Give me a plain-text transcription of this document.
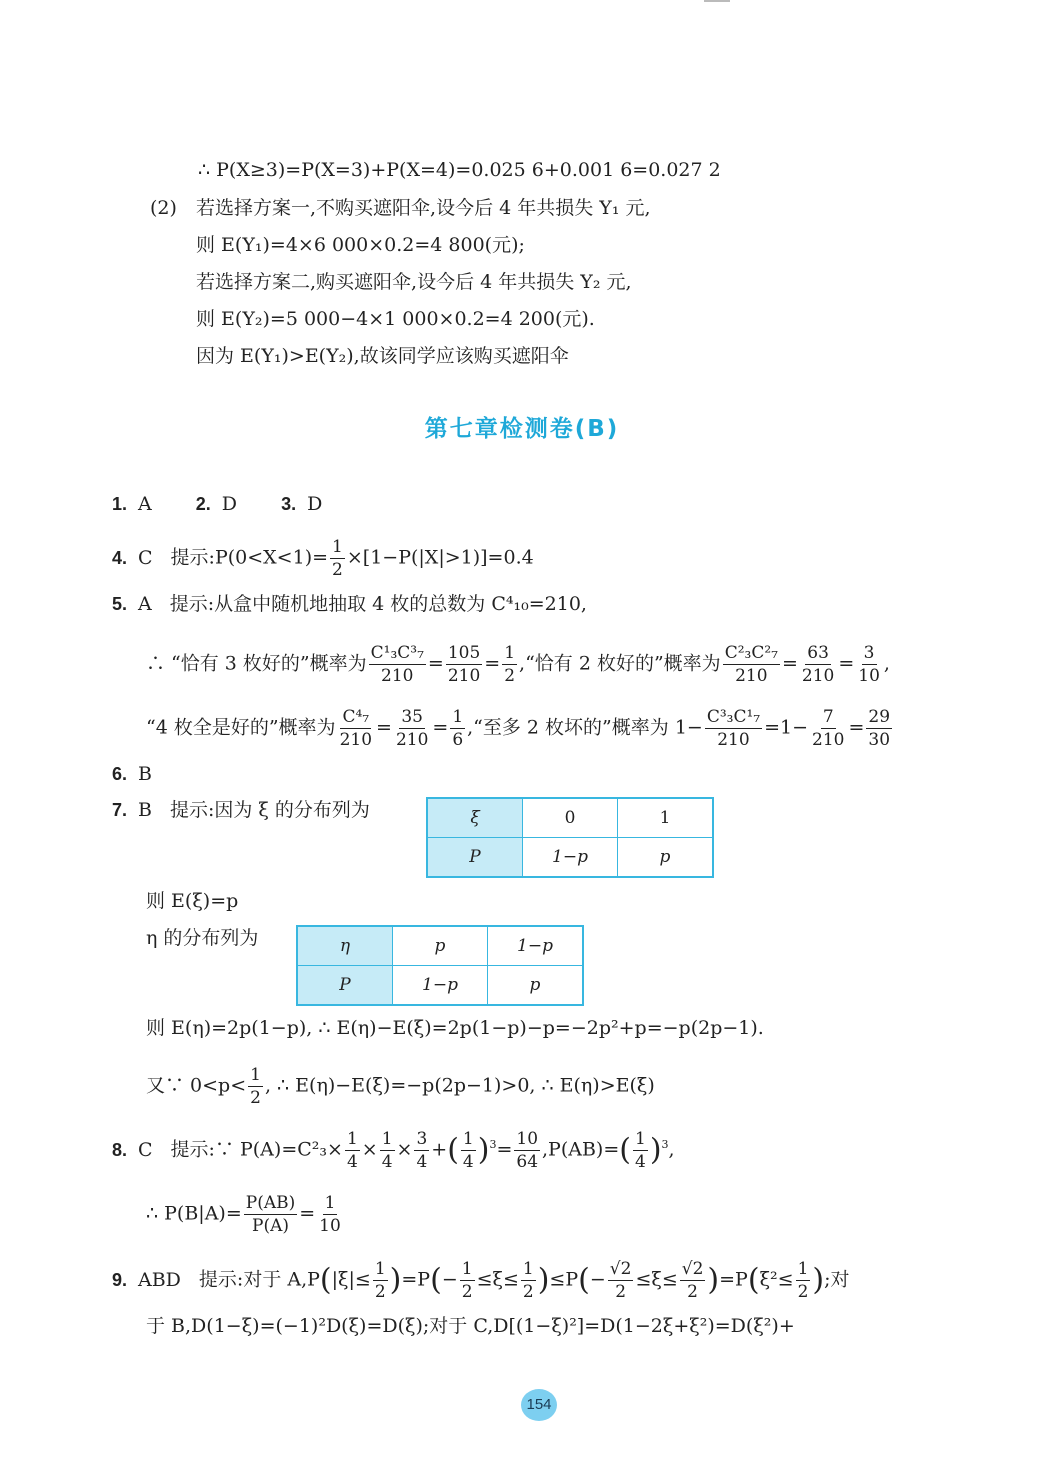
∴ P(X≥3)=P(X=3)+P(X=4)=0.025 6+0.001 6=0.027 2
(2) 若选择方案一,不购买遮阳伞,设今后 4 年共损失 Y₁ 元,
则 E(Y₁)=4×6 000×0.2=4 800(元);
若选择方案二,购买遮阳伞,设今后 4 年共损失 Y₂ 元,
则 E(Y₂)=5 000−4×1 000×0.2=4 200(元).
因为 E(Y₁)>E(Y₂),故该同学应该购买遮阳伞
第七章检测卷(B)
1. A 2. D 3. D
4. C 提示:P(0<X<1)= $\frac{1}{2} \times[1-P(|X|>1)]=0.4$
5. A 提示:从盒中随机地抽取 4 枚的总数为 C⁴₁₀=210,
∴ “恰有 3 枚好的”概率为 $\frac{\text{C¹₃C³₇}}{210} = \frac{105}{210} = \frac{1}{2}$ ,“恰有 2 枚好的”概率为 $\frac{\text{C²₃C²₇}}{210} = \frac{63}{210} = \frac{3}{10}$ ,
“4 枚全是好的”概率为 $\frac{\text{C⁴₇}}{210} = \frac{35}{210} = \frac{1}{6}$ ,“至多 2 枚坏的”概率为 $1- \frac{\text{C³₃C¹₇}}{210} =1- \frac{7}{210} = \frac{29}{30}$
6. B
7. B 提示:因为 ξ 的分布列为	ξ	0	1
P	1−p	p
则 E(ξ)=p
η 的分布列为	η	p	1−p
P	1−p	p
则 E(η)=2p(1−p), ∴ E(η)−E(ξ)=2p(1−p)−p=−2p²+p=−p(2p−1).
又∵ $0<p< \frac{1}{2}$ , ∴ E(η)−E(ξ)=−p(2p−1)>0, ∴ E(η)>E(ξ)
8. C 提示:∵ $P(A)=C^2_3\times \frac{1}{4} \times \frac{1}{4} \times \frac{3}{4}$ +( $\frac{1}{4} )^3= \frac{10}{64} ,P(AB)=( \frac{1}{4} )^3$,
∴ $P(B|A)= \frac{P(AB)}{P(A)} = \frac{1}{10}$
9. ABD 提示:对于 $A,P(|\xi|\le \frac{1}{2} )=P(- \frac{1}{2} \le\xi\le \frac{1}{2} )\le P(- \frac{√2}{2} \le\xi\le \frac{√2}{2} )=P(\xi^2\le \frac{1}{2}$ );对
于 B,D(1−ξ)=(−1)²D(ξ)=D(ξ);对于 C,D[(1−ξ)²]=D(1−2ξ+ξ²)=D(ξ²)+
154
